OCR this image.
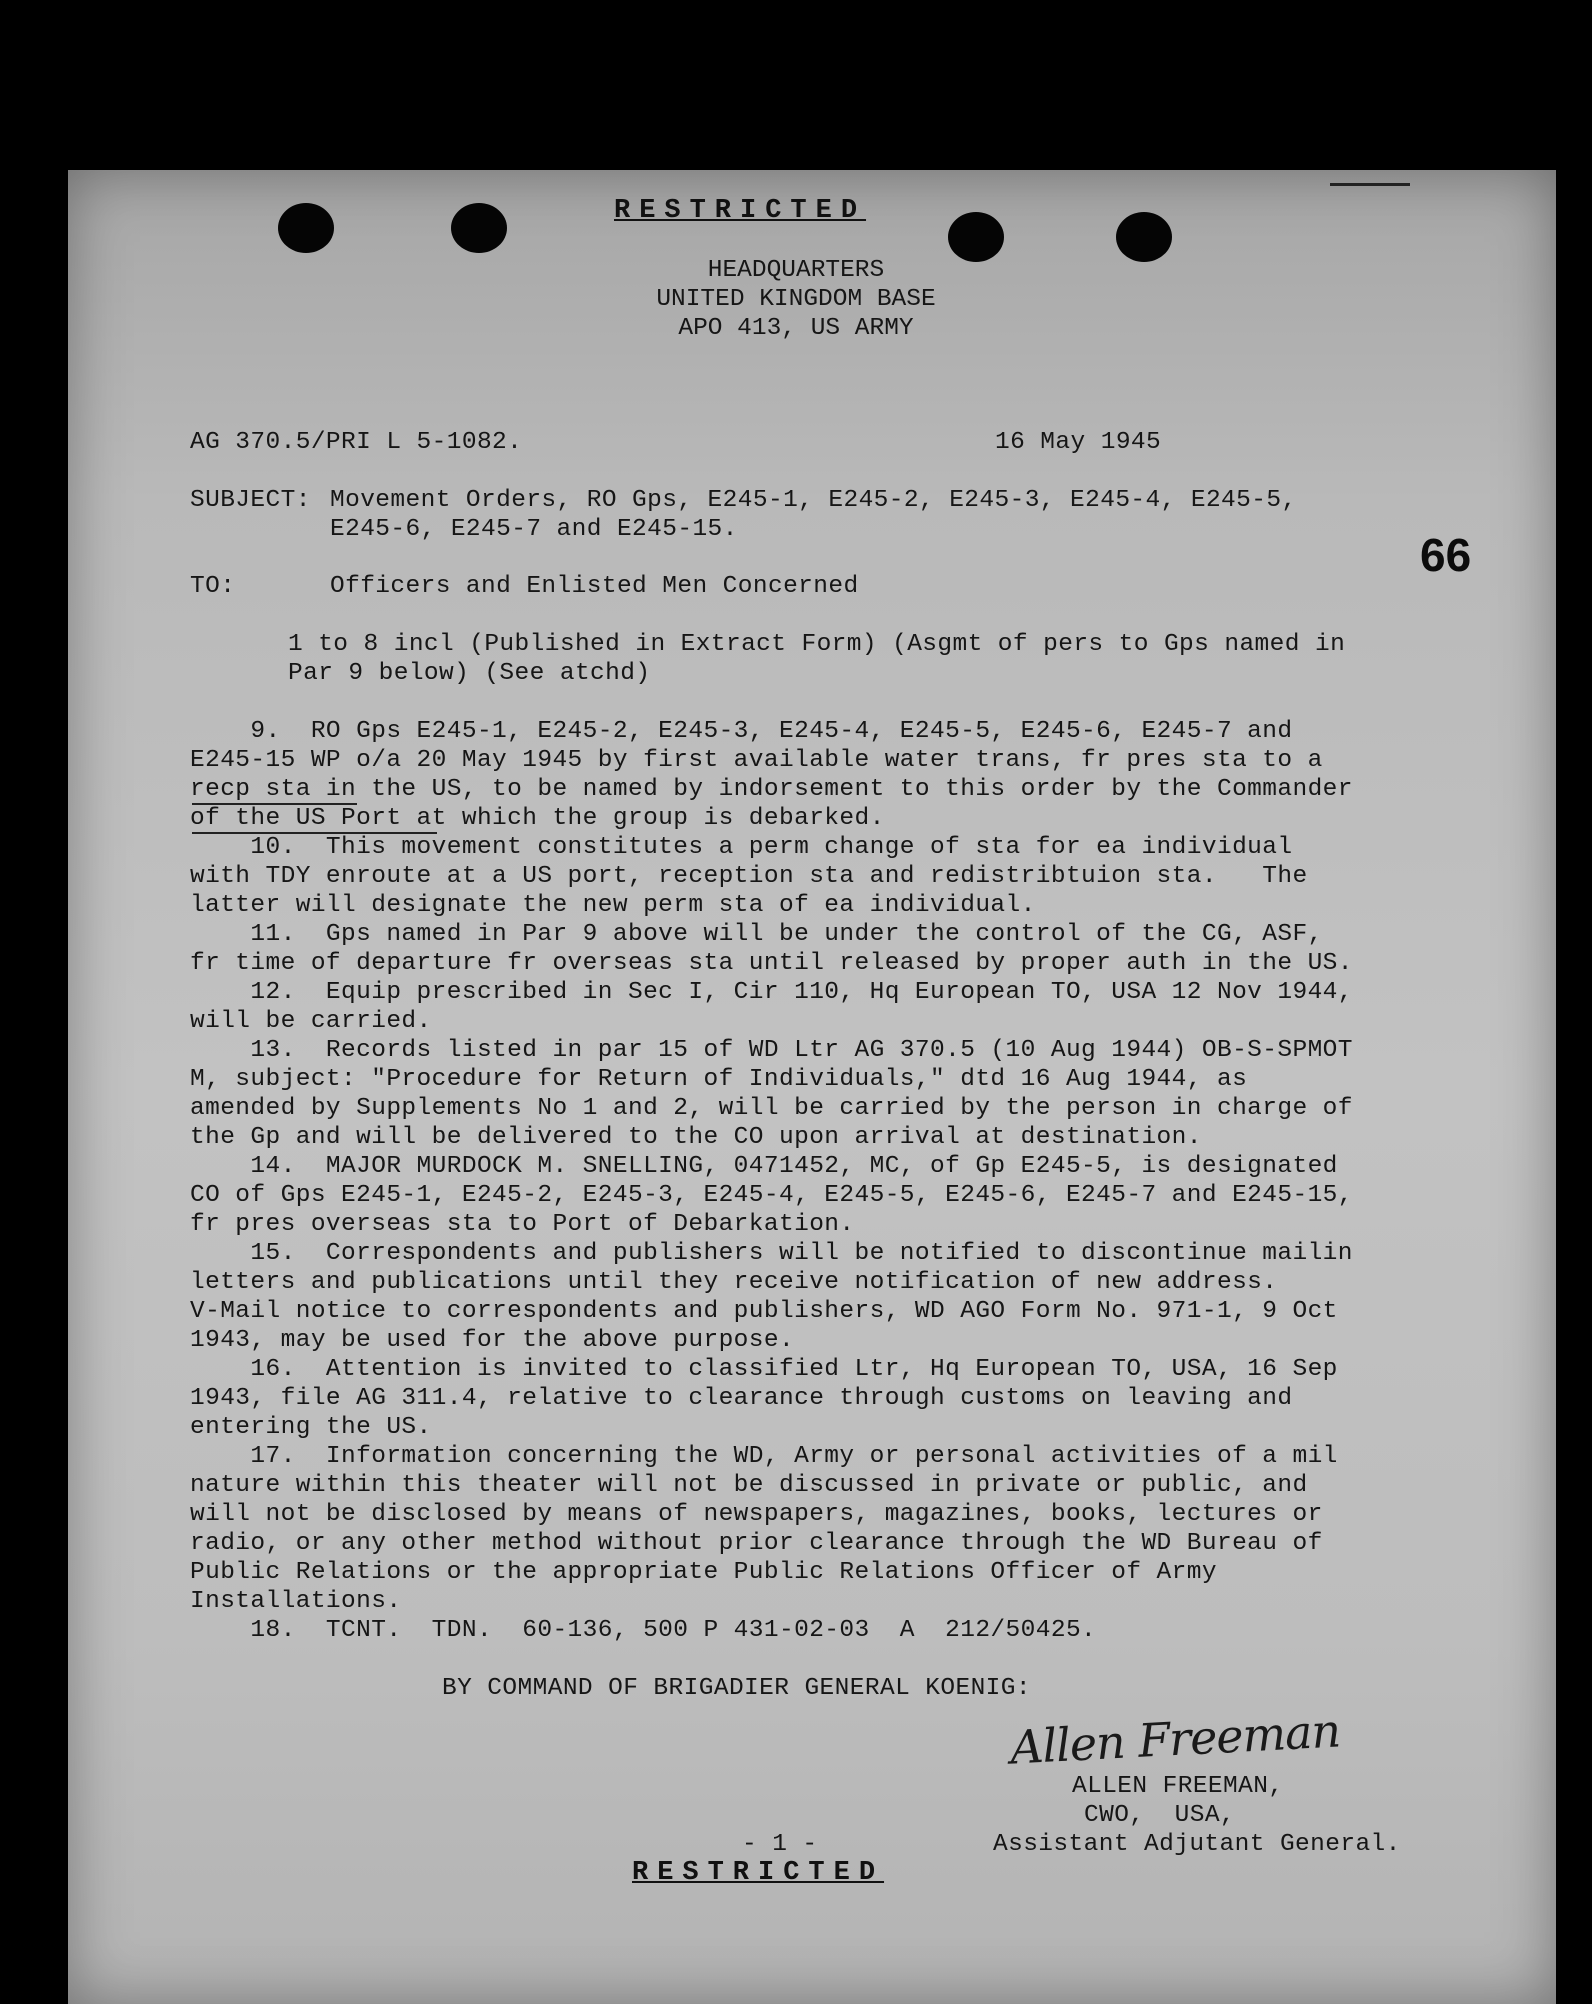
RESTRICTED
HEADQUARTERS
UNITED KINGDOM BASE
APO 413, US ARMY
AG 370.5/PRI L 5-1082.	16 May 1945
SUBJECT: Movement Orders, RO Gps, E245-1, E245-2, E245-3, E245-4, E245-5,
E245-6, E245-7 and E245-15.	66
TO:	Officers and Enlisted Men Concerned
1 to 8 incl (Published in Extract Form) (Asgmt of pers to Gps named in
Par 9 below) (See atchd)
9.  RO Gps E245-1, E245-2, E245-3, E245-4, E245-5, E245-6, E245-7 and
E245-15 WP o/a 20 May 1945 by first available water trans, fr pres sta to a
recp sta in the US, to be named by indorsement to this order by the Commander
of the US Port at which the group is debarked.
10.  This movement constitutes a perm change of sta for ea individual
with TDY enroute at a US port, reception sta and redistribtuion sta.   The
latter will designate the new perm sta of ea individual.
11.  Gps named in Par 9 above will be under the control of the CG, ASF,
fr time of departure fr overseas sta until released by proper auth in the US.
12.  Equip prescribed in Sec I, Cir 110, Hq European TO, USA 12 Nov 1944,
will be carried.
13.  Records listed in par 15 of WD Ltr AG 370.5 (10 Aug 1944) OB-S-SPMOT
M, subject: "Procedure for Return of Individuals," dtd 16 Aug 1944, as
amended by Supplements No 1 and 2, will be carried by the person in charge of
the Gp and will be delivered to the CO upon arrival at destination.
14.  MAJOR MURDOCK M. SNELLING, 0471452, MC, of Gp E245-5, is designated
CO of Gps E245-1, E245-2, E245-3, E245-4, E245-5, E245-6, E245-7 and E245-15,
fr pres overseas sta to Port of Debarkation.
15.  Correspondents and publishers will be notified to discontinue mailin
letters and publications until they receive notification of new address.
V-Mail notice to correspondents and publishers, WD AGO Form No. 971-1, 9 Oct
1943, may be used for the above purpose.
16.  Attention is invited to classified Ltr, Hq European TO, USA, 16 Sep
1943, file AG 311.4, relative to clearance through customs on leaving and
entering the US.
17.  Information concerning the WD, Army or personal activities of a mil
nature within this theater will not be discussed in private or public, and
will not be disclosed by means of newspapers, magazines, books, lectures or
radio, or any other method without prior clearance through the WD Bureau of
Public Relations or the appropriate Public Relations Officer of Army
Installations.
18.  TCNT.  TDN.  60-136, 500 P 431-02-03  A  212/50425.
BY COMMAND OF BRIGADIER GENERAL KOENIG:
Allen Freeman
ALLEN FREEMAN,
CWO,  USA,
Assistant Adjutant General.
- 1 -
RESTRICTED
